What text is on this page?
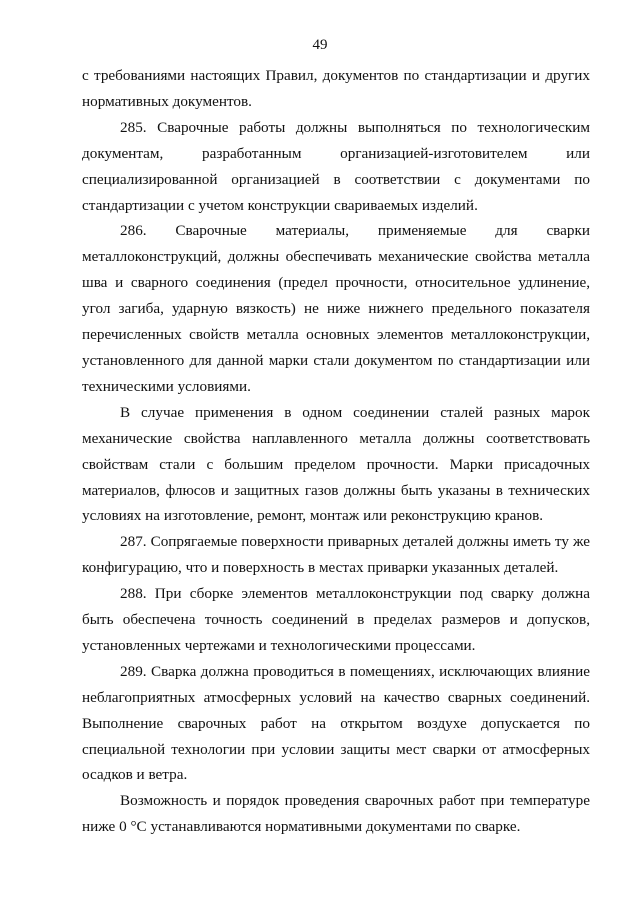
49

с требованиями настоящих Правил, документов по стандартизации и других нормативных документов.

285. Сварочные работы должны выполняться по технологическим документам, разработанным организацией-изготовителем или специализированной организацией в соответствии с документами по стандартизации с учетом конструкции свариваемых изделий.

286. Сварочные материалы, применяемые для сварки металлоконструкций, должны обеспечивать механические свойства металла шва и сварного соединения (предел прочности, относительное удлинение, угол загиба, ударную вязкость) не ниже нижнего предельного показателя перечисленных свойств металла основных элементов металлоконструкции, установленного для данной марки стали документом по стандартизации или техническими условиями.

В случае применения в одном соединении сталей разных марок механические свойства наплавленного металла должны соответствовать свойствам стали с большим пределом прочности. Марки присадочных материалов, флюсов и защитных газов должны быть указаны в технических условиях на изготовление, ремонт, монтаж или реконструкцию кранов.

287. Сопрягаемые поверхности приварных деталей должны иметь ту же конфигурацию, что и поверхность в местах приварки указанных деталей.

288. При сборке элементов металлоконструкции под сварку должна быть обеспечена точность соединений в пределах размеров и допусков, установленных чертежами и технологическими процессами.

289. Сварка должна проводиться в помещениях, исключающих влияние неблагоприятных атмосферных условий на качество сварных соединений. Выполнение сварочных работ на открытом воздухе допускается по специальной технологии при условии защиты мест сварки от атмосферных осадков и ветра.

Возможность и порядок проведения сварочных работ при температуре ниже 0 °С устанавливаются нормативными документами по сварке.
